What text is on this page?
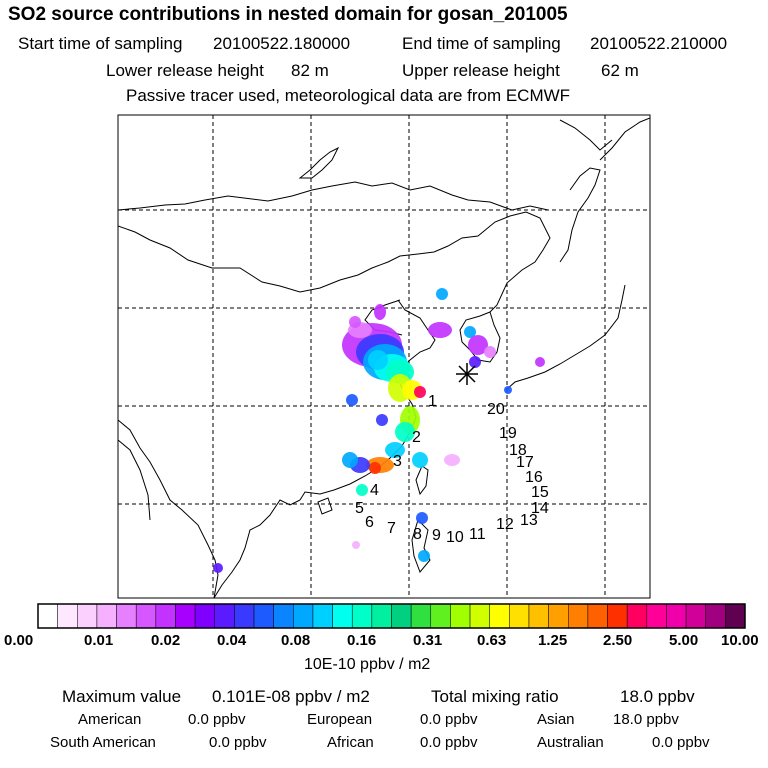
SO2 source contributions in nested domain for gosan_201005
Start time of sampling 20100522.180000	End time of sampling 20100522.210000
Lower release height 82 m	Upper release height 62 m
Passive tracer used, meteorological data are from ECMWF
1
2
3
4
5
6 7 8 9 10 11
12 13
14
15
16
17
18
19
20
0.00	0.01	0.02 0.04 0.08 0.16 0.31 0.63 1.25 2.50 5.00 10.00
10E-10 ppbv / m2
Maximum value 0.101E-08 ppbv / m2	Total mixing ratio	18.0 ppbv
American	0.0 ppbv	European	0.0 ppbv	Asian	18.0 ppbv
South American	0.0 ppbv	African	0.0 ppbv	Australian	0.0 ppbv
